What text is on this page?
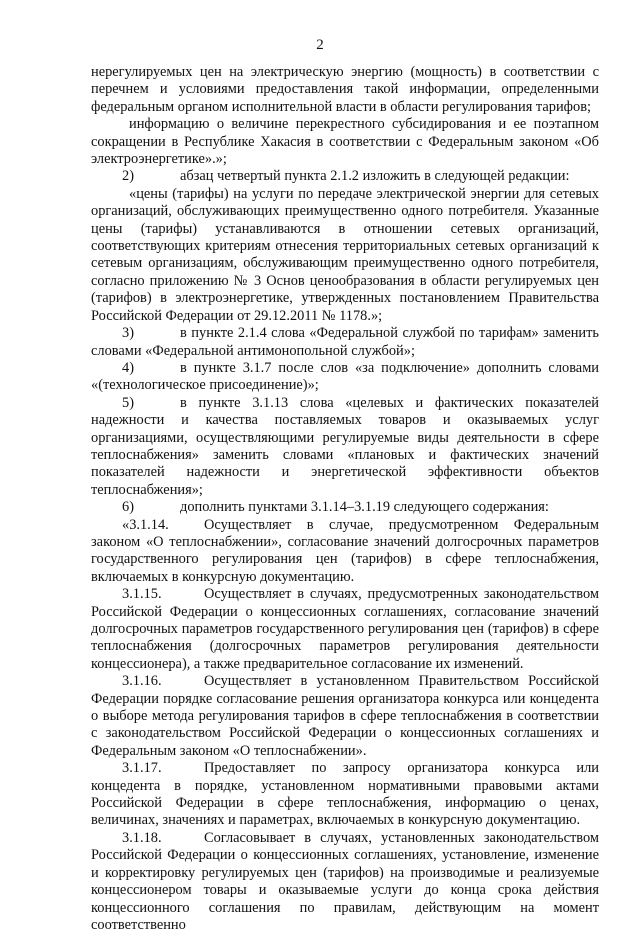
2

нерегулируемых цен на электрическую энергию (мощность) в соответствии с перечнем и условиями предоставления такой информации, определенными федеральным органом исполнительной власти в области регулирования тарифов;

информацию о величине перекрестного субсидирования и ее поэтапном сокращении в Республике Хакасия в соответствии с Федеральным законом «Об электроэнергетике».»;

2)	абзац четвертый пункта 2.1.2 изложить в следующей редакции:

«цены (тарифы) на услуги по передаче электрической энергии для сетевых организаций, обслуживающих преимущественно одного потребителя. Указанные цены (тарифы) устанавливаются в отношении сетевых организаций, соответствующих критериям отнесения территориальных сетевых организаций к сетевым организациям, обслуживающим преимущественно одного потребителя, согласно приложению № 3 Основ ценообразования в области регулируемых цен (тарифов) в электроэнергетике, утвержденных постановлением Правительства Российской Федерации от 29.12.2011 № 1178.»;

3)	в пункте 2.1.4 слова «Федеральной службой по тарифам» заменить словами «Федеральной антимонопольной службой»;

4)	в пункте 3.1.7 после слов «за подключение» дополнить словами «(технологическое присоединение)»;

5)	в пункте 3.1.13 слова «целевых и фактических показателей надежности и качества поставляемых товаров и оказываемых услуг организациями, осуществляющими регулируемые виды деятельности в сфере теплоснабжения» заменить словами «плановых и фактических значений показателей надежности и энергетической эффективности объектов теплоснабжения»;

6)	дополнить пунктами 3.1.14–3.1.19 следующего содержания:

«3.1.14. Осуществляет в случае, предусмотренном Федеральным законом «О теплоснабжении», согласование значений долгосрочных параметров государственного регулирования цен (тарифов) в сфере теплоснабжения, включаемых в конкурсную документацию.

3.1.15.	Осуществляет в случаях, предусмотренных законодательством Российской Федерации о концессионных соглашениях, согласование значений долгосрочных параметров государственного регулирования цен (тарифов) в сфере теплоснабжения (долгосрочных параметров регулирования деятельности концессионера), а также предварительное согласование их изменений.

3.1.16.	Осуществляет в установленном Правительством Российской Федерации порядке согласование решения организатора конкурса или концедента о выборе метода регулирования тарифов в сфере теплоснабжения в соответствии с законодательством Российской Федерации о концессионных соглашениях и Федеральным законом «О теплоснабжении».

3.1.17.	Предоставляет по запросу организатора конкурса или концедента в порядке, установленном нормативными правовыми актами Российской Федерации в сфере теплоснабжения, информацию о ценах, величинах, значениях и параметрах, включаемых в конкурсную документацию.

3.1.18.	Согласовывает в случаях, установленных законодательством Российской Федерации о концессионных соглашениях, установление, изменение и корректировку регулируемых цен (тарифов) на производимые и реализуемые концессионером товары и оказываемые услуги до конца срока действия концессионного соглашения по правилам, действующим на момент соответственно
